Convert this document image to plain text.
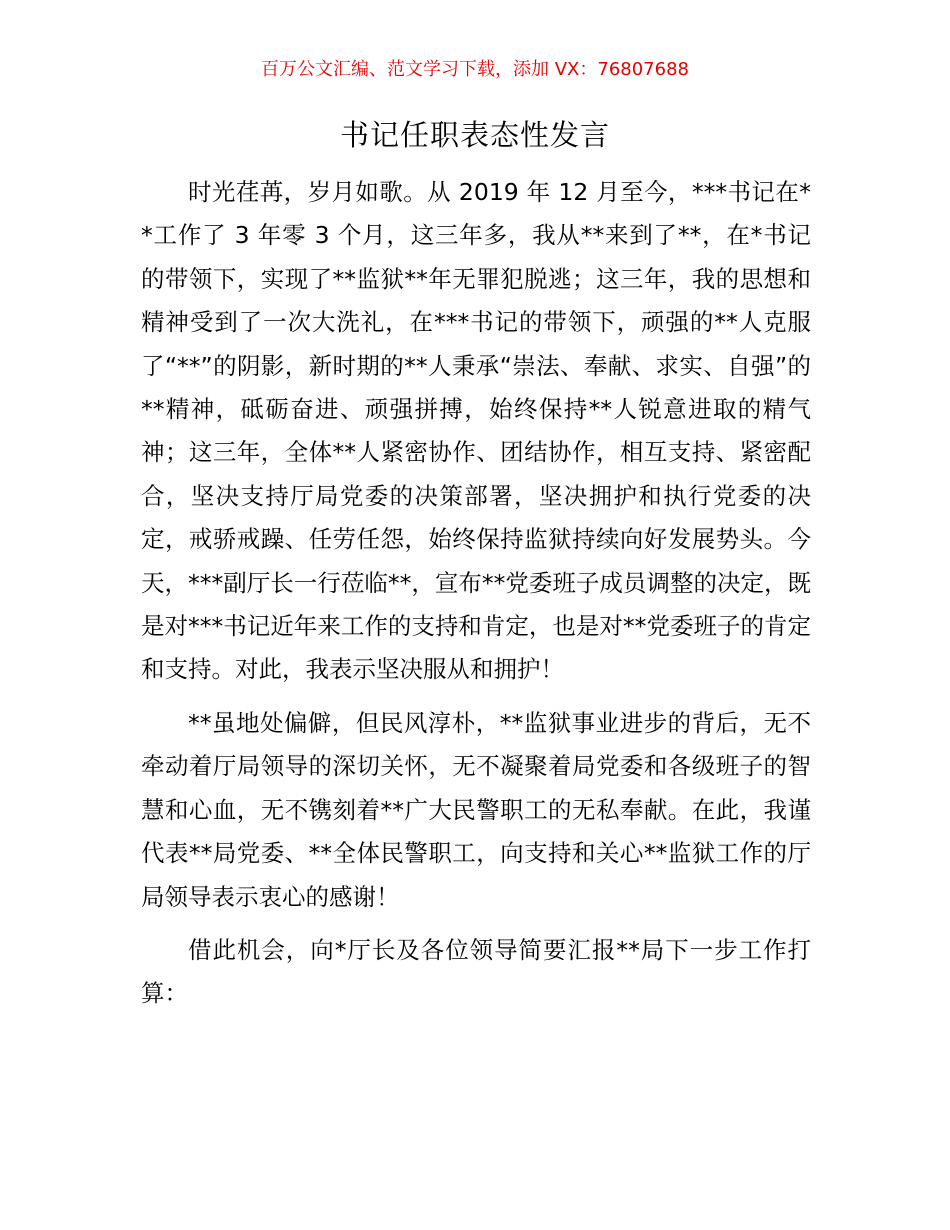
百万公文汇编、范文学习下载，添加 VX：76807688
书记任职表态性发言

时光荏苒，岁月如歌。从 2019 年 12 月至今，***书记在**工作了 3 年零 3 个月，这三年多，我从**来到了**，在*书记的带领下，实现了**监狱**年无罪犯脱逃；这三年，我的思想和精神受到了一次大洗礼，在***书记的带领下，顽强的**人克服了“**”的阴影，新时期的**人秉承“崇法、奉献、求实、自强”的**精神，砥砺奋进、顽强拼搏，始终保持**人锐意进取的精气神；这三年，全体**人紧密协作、团结协作，相互支持、紧密配合，坚决支持厅局党委的决策部署，坚决拥护和执行党委的决定，戒骄戒躁、任劳任怨，始终保持监狱持续向好发展势头。今天，***副厅长一行莅临**，宣布**党委班子成员调整的决定，既是对***书记近年来工作的支持和肯定，也是对**党委班子的肯定和支持。对此，我表示坚决服从和拥护！

**虽地处偏僻，但民风淳朴，**监狱事业进步的背后，无不牵动着厅局领导的深切关怀，无不凝聚着局党委和各级班子的智慧和心血，无不镌刻着**广大民警职工的无私奉献。在此，我谨代表**局党委、**全体民警职工，向支持和关心**监狱工作的厅局领导表示衷心的感谢！

借此机会，向*厅长及各位领导简要汇报**局下一步工作打算：
